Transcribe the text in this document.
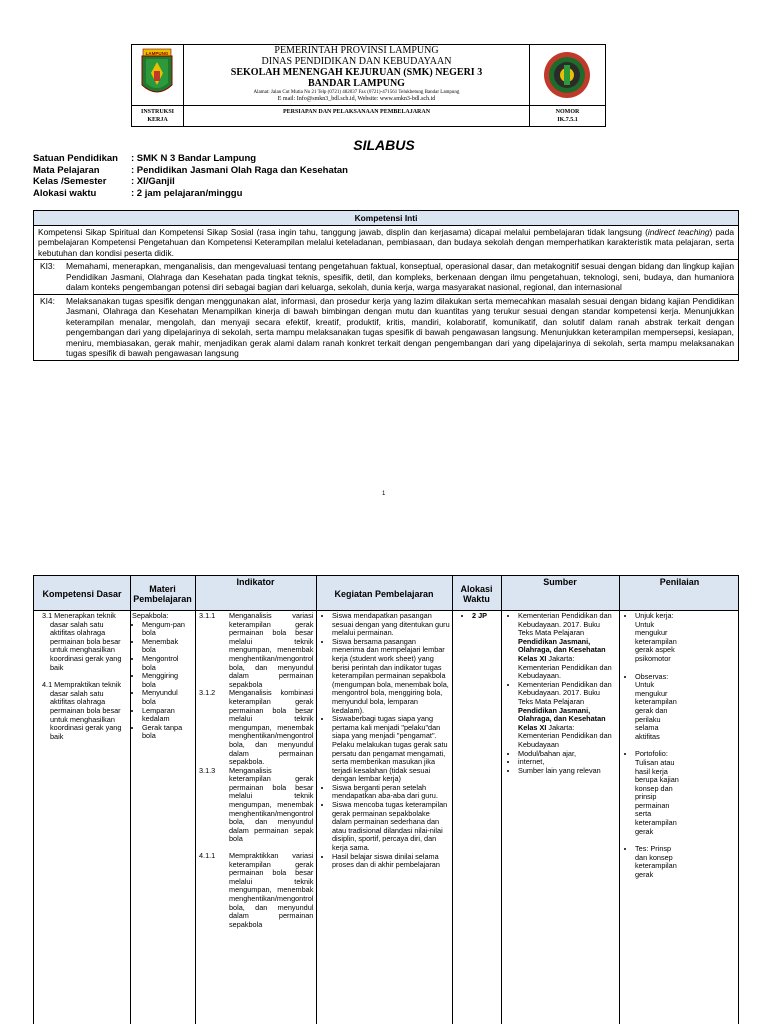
LAMPUNG	PEMERINTAH PROVINSI LAMPUNG
DINAS PENDIDIKAN DAN KEBUDAYAAN
SEKOLAH MENENGAH KEJURUAN (SMK) NEGERI 3
BANDAR LAMPUNG
Alamat: Jalan Cut Mutia No 21 Telp (0721) 482037 Fax (0721)-471561 Telukbetung Bandar Lampung
E mail: Info@smkn3_bdl.sch.id, Website: www.smkn3-bdl.sch.id
INSTRUKSI KERJA
PERSIAPAN DAN PELAKSANAAN PEMBELAJARAN	NOMOR
IK.7.5.1
SILABUS
Satuan Pendidikan	: SMK N 3 Bandar Lampung
Mata Pelajaran	: Pendidikan Jasmani Olah Raga dan Kesehatan
Kelas /Semester	: XI/Ganjil
Alokasi waktu	: 2 jam pelajaran/minggu
Kompetensi Inti
Kompetensi Sikap Spiritual dan Kompetensi Sikap Sosial (rasa ingin tahu, tanggung jawab, displin dan kerjasama) dicapai melalui pembelajaran tidak langsung (indirect teaching) pada pembelajaran Kompetensi Pengetahuan dan Kompetensi Keterampilan melalui keteladanan, pembiasaan, dan budaya sekolah dengan memperhatikan karakteristik mata pelajaran, serta kebutuhan dan kondisi peserta didik.
KI3:	Memahami, menerapkan, menganalisis, dan mengevaluasi tentang pengetahuan faktual, konseptual, operasional dasar, dan metakognitif sesuai dengan bidang dan lingkup kajian Pendidikan Jasmani, Olahraga dan Kesehatan pada tingkat teknis, spesifik, detil, dan kompleks, berkenaan dengan ilmu pengetahuan, teknologi, seni, budaya, dan humaniora dalam konteks pengembangan potensi diri sebagai bagian dari keluarga, sekolah, dunia kerja, warga masyarakat nasional, regional, dan internasional
KI4:	Melaksanakan tugas spesifik dengan menggunakan alat, informasi, dan prosedur kerja yang lazim dilakukan serta memecahkan masalah sesuai dengan bidang kajian Pendidikan Jasmani, Olahraga dan Kesehatan Menampilkan kinerja di bawah bimbingan dengan mutu dan kuantitas yang terukur sesuai dengan standar kompetensi kerja. Menunjukkan keterampilan menalar, mengolah, dan menyaji secara efektif, kreatif, produktif, kritis, mandiri, kolaboratif, komunikatif, dan solutif dalam ranah abstrak terkait dengan pengembangan dari yang dipelajarinya di sekolah, serta mampu melaksanakan tugas spesifik di bawah pengawasan langsung. Menunjukkan keterampilan mempersepsi, kesiapan, meniru, membiasakan, gerak mahir, menjadikan gerak alami dalam ranah konkret terkait dengan pengembangan dari yang dipelajarinya di sekolah, serta mampu melaksanakan tugas spesifik di bawah pengawasan langsung
1
Kompetensi Dasar	Materi Pembelajaran
Indikator
Kegiatan Pembelajaran	Alokasi Waktu
Sumber	Penilaian

3.1 Menerapkan teknik dasar salah satu aktifitas olahraga permainan bola besar untuk menghasilkan koordinasi gerak yang baik

4.1 Mempraktikan teknik dasar salah satu aktifitas olahraga permainan bola besar untuk menghasilkan koordinasi gerak yang baik

Sepakbola:
• Mengum-pan bola
• Menembak bola
• Mengontrol bola
• Menggiring bola
• Menyundul bola
• Lemparan kedalam
• Gerak tanpa bola
3.1.1	Menganalisis variasi keterampilan gerak permainan bola besar melalui teknik mengumpan, menembak menghentikan/mengontrol bola, dan menyundul dalam permainan sepakbola
3.1.2	Menganalisis kombinasi keterampilan gerak permainan bola besar melalui teknik mengumpan, menembak menghentikan/mengontrol bola, dan menyundul dalam permainan sepakbola.
3.1.3	Menganalisis keterampilan gerak permainan bola besar melalui teknik mengumpan, menembak menghentikan/mengontrol bola, dan menyundul dalam permainan sepak bola
4.1.1	Mempraktikkan variasi keterampilan gerak permainan bola besar melalui teknik mengumpan, menembak menghentikan/mengontrol bola, dan menyundul dalam permainan sepakbola
• Siswa mendapatkan pasangan sesuai dengan yang ditentukan guru melalui permainan.
• Siswa bersama pasangan menerima dan mempelajari lembar kerja (student work sheet) yang berisi perintah dan indikator tugas keterampilan permainan sepakbola (mengumpan bola, menembak bola, mengontrol bola, menggiring bola, menyundul bola, lemparan kedalam).
• Siswaberbagi tugas siapa yang pertama kali menjadi "pelaku"dan siapa yang menjadi "pengamat". Pelaku melakukan tugas gerak satu persatu dan pengamat mengamati, serta memberikan masukan jika terjadi kesalahan (tidak sesuai dengan lembar kerja)
• Siswa berganti peran setelah mendapatkan aba-aba dari guru.
• Siswa mencoba tugas keterampilan gerak permainan sepakbolake dalam permainan sederhana dan atau tradisional dilandasi nilai-nilai disiplin, sportif, percaya diri, dan kerja sama.
• Hasil belajar siswa dinilai selama proses dan di akhir pembelajaran
• 2 JP
•	Kementerian Pendidikan dan Kebudayaan. 2017. Buku Teks Mata Pelajaran Pendidikan Jasmani, Olahraga, dan Kesehatan Kelas XI Jakarta: Kementerian Pendidikan dan Kebudayaan.
• Kementerian Pendidikan dan Kebudayaan. 2017. Buku Teks Mata Pelajaran Pendidikan Jasmani, Olahraga, dan Kesehatan Kelas XI Jakarta: Kementerian Pendidikan dan Kebudayaan
• Modul/bahan ajar,
• internet,
• Sumber lain yang relevan
• Unjuk kerja: Untuk mengukur keterampilan gerak aspek psikomotor
• Observas: Untuk mengukur keterampilan gerak dan perilaku selama aktifitas
• Portofolio: Tulisan atau hasil kerja berupa kajian konsep dan prinsip permainan serta keterampilan gerak
• Tes: Prinsp dan konsep keterampilan gerak
